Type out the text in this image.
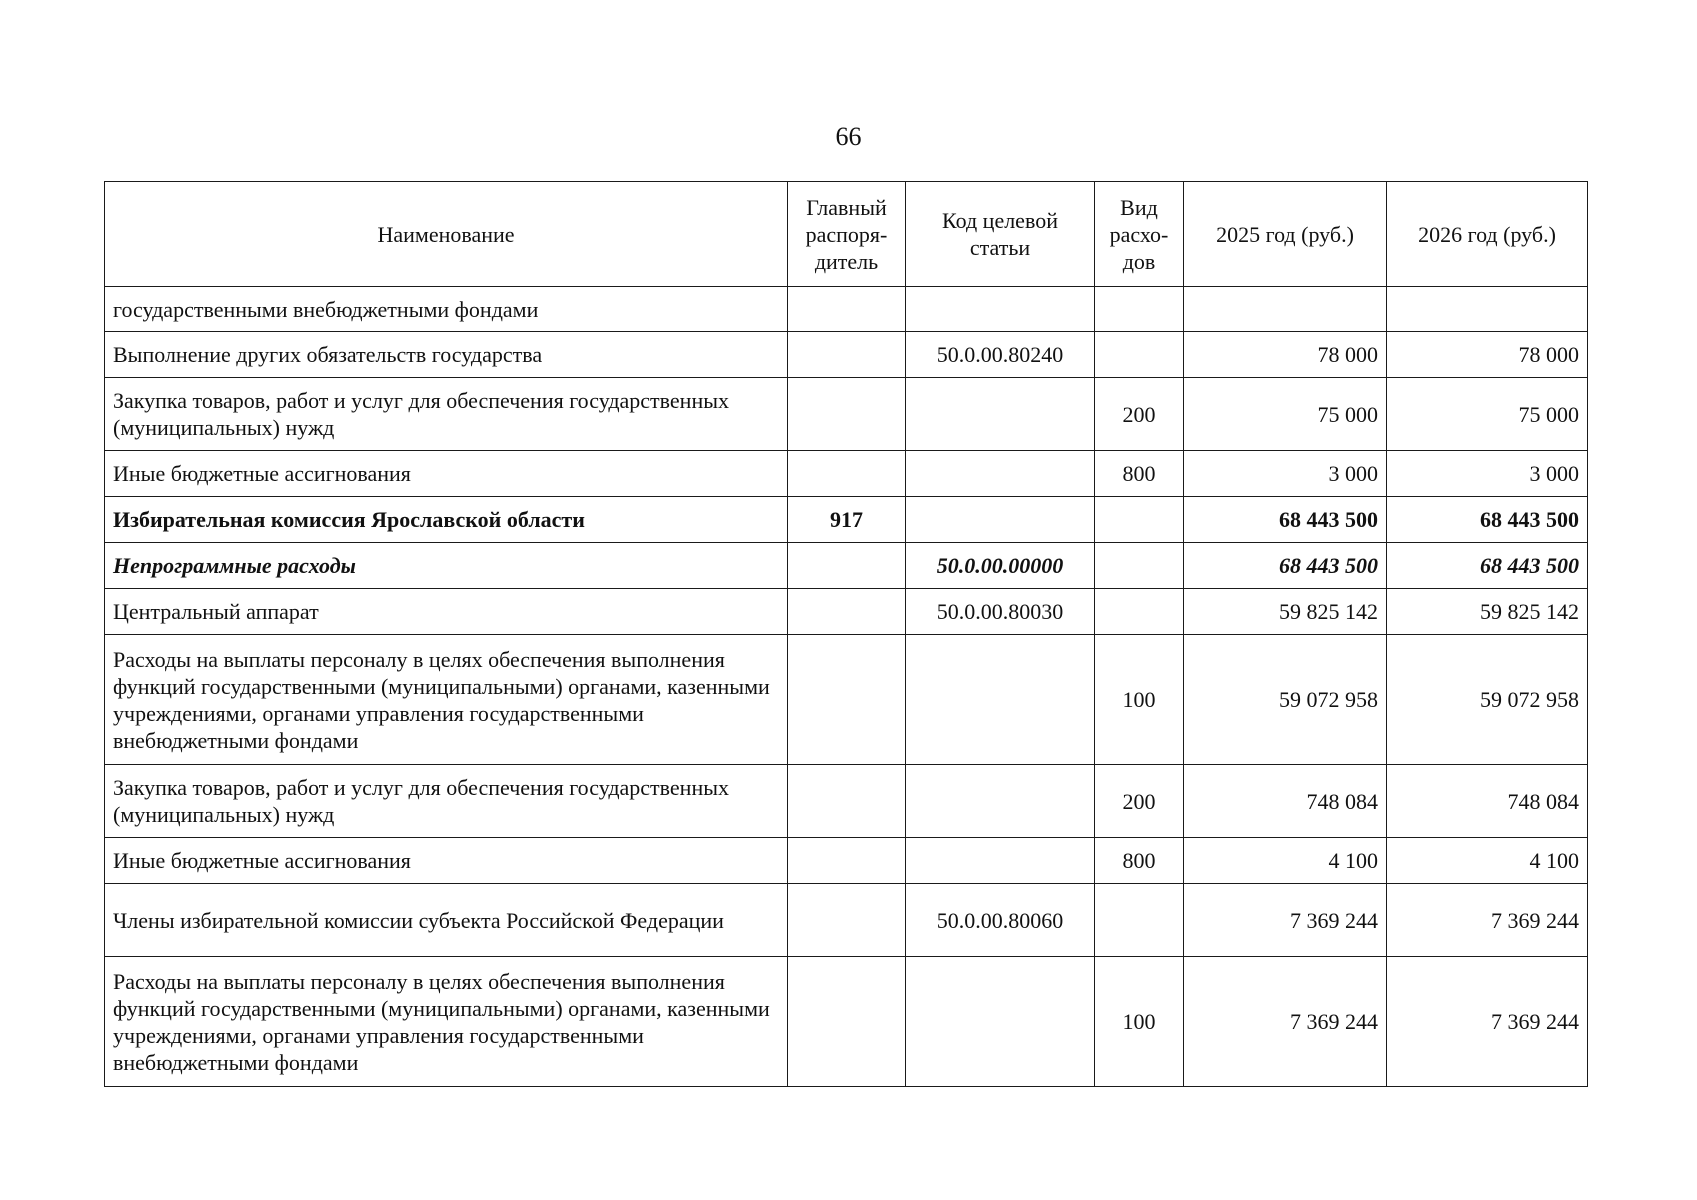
66
Наименование	Главный распоря-дитель	Код целевой статьи	Вид расхо-дов	2025 год (руб.)	2026 год (руб.)
государственными внебюджетными фондами					
Выполнение других обязательств государства		50.0.00.80240		78 000	78 000
Закупка товаров, работ и услуг для обеспечения государственных (муниципальных) нужд			200	75 000	75 000
Иные бюджетные ассигнования			800	3 000	3 000
Избирательная комиссия Ярославской области	917			68 443 500	68 443 500
Непрограммные расходы		50.0.00.00000		68 443 500	68 443 500
Центральный аппарат		50.0.00.80030		59 825 142	59 825 142
Расходы на выплаты персоналу в целях обеспечения выполнения функций государственными (муниципальными) органами, казенными учреждениями, органами управления государственными внебюджетными фондами			100	59 072 958	59 072 958
Закупка товаров, работ и услуг для обеспечения государственных (муниципальных) нужд			200	748 084	748 084
Иные бюджетные ассигнования			800	4 100	4 100
Члены избирательной комиссии субъекта Российской Федерации		50.0.00.80060		7 369 244	7 369 244
Расходы на выплаты персоналу в целях обеспечения выполнения функций государственными (муниципальными) органами, казенными учреждениями, органами управления государственными внебюджетными фондами			100	7 369 244	7 369 244
